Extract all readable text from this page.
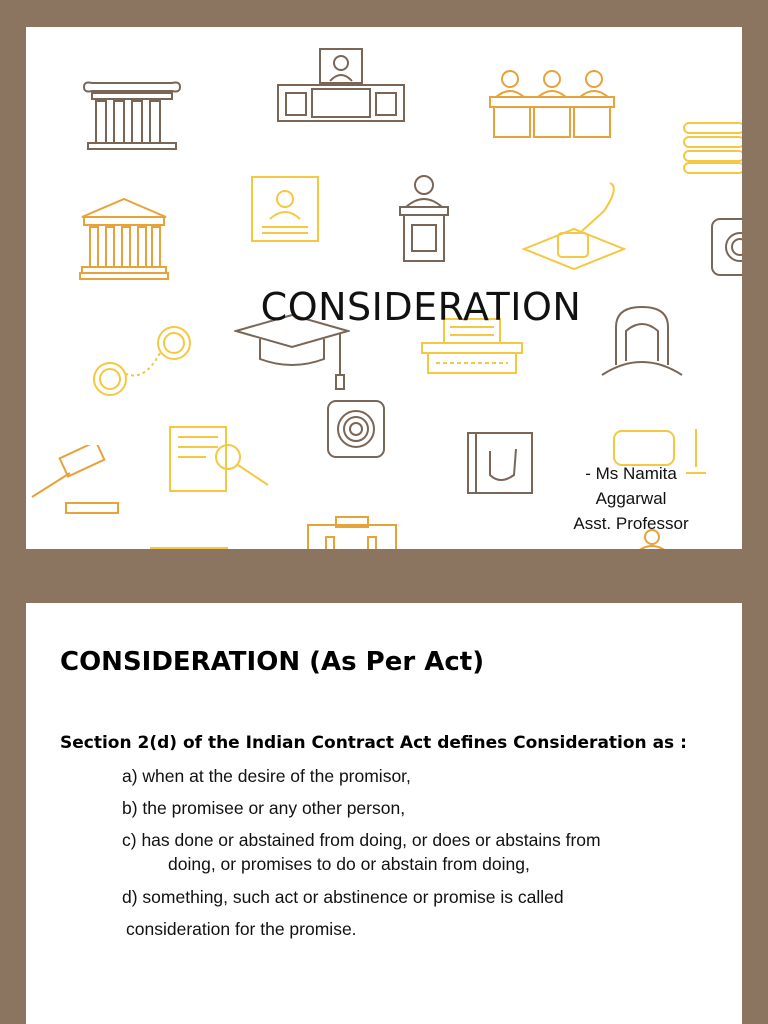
CONSIDERATION
- Ms Namita
Aggarwal
Asst. Professor
CONSIDERATION (As Per Act)
Section 2(d) of the Indian Contract Act defines Consideration as :
a) when at the desire of the promisor,
b) the promisee or any other person,
c) has done or abstained from doing, or does or abstains from
doing, or promises to do or abstain from doing,
d) something, such act or abstinence or promise is called
consideration for the promise.
